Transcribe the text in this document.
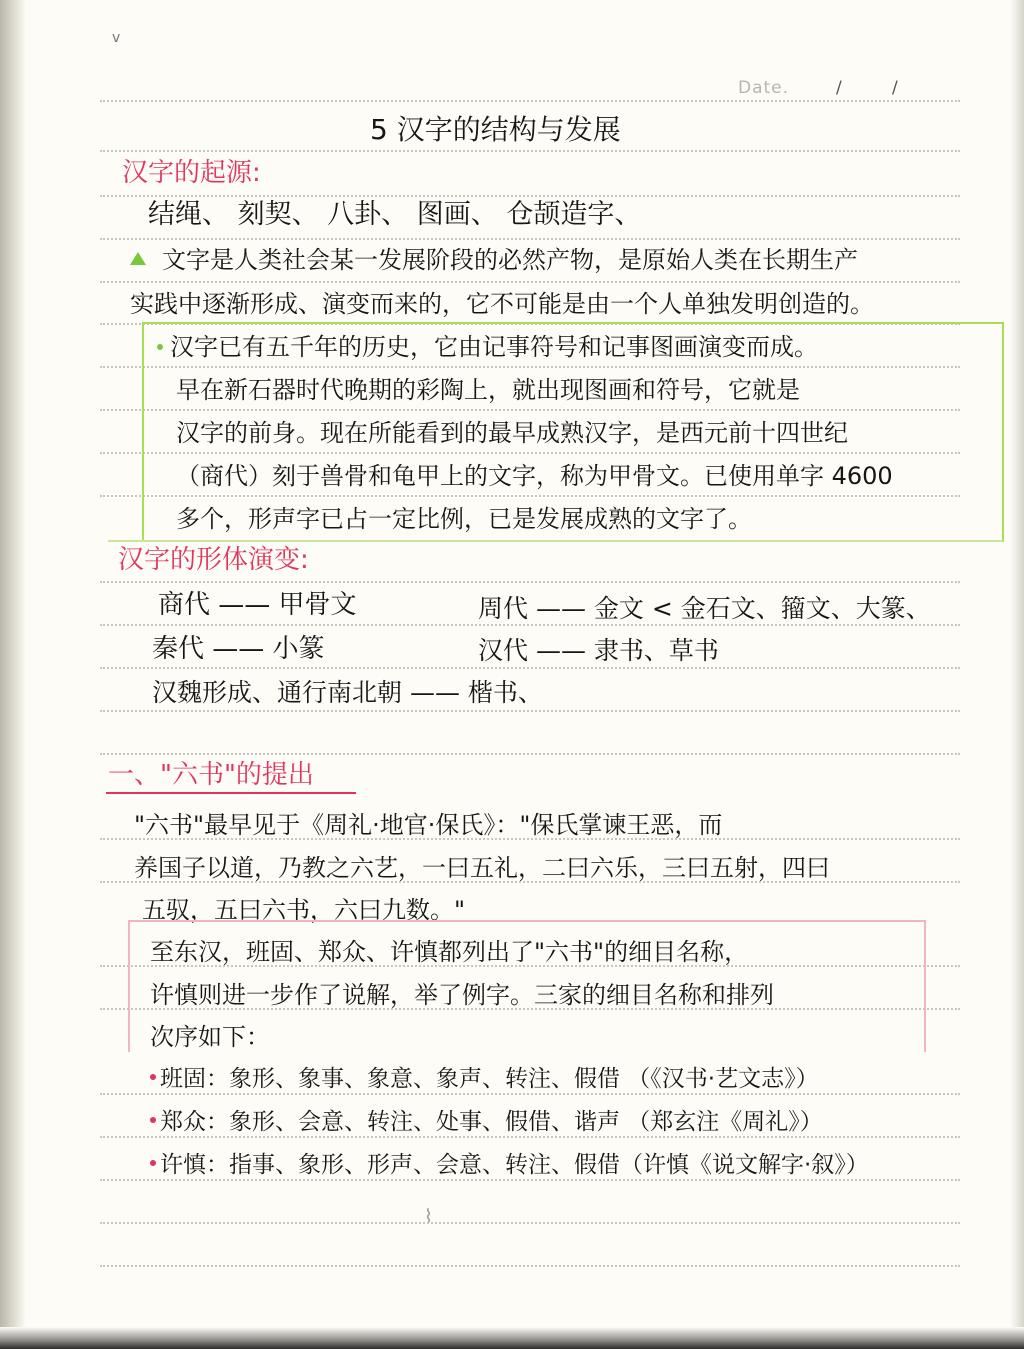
v
Date.	/	/
5 汉字的结构与发展
汉字的起源:
结绳、 刻契、 八卦、 图画、 仓颉造字、
文字是人类社会某一发展阶段的必然产物，是原始人类在长期生产
实践中逐渐形成、演变而来的，它不可能是由一个人单独发明创造的。
汉字已有五千年的历史，它由记事符号和记事图画演变而成。
早在新石器时代晚期的彩陶上，就出现图画和符号，它就是
汉字的前身。现在所能看到的最早成熟汉字，是西元前十四世纪
（商代）刻于兽骨和龟甲上的文字，称为甲骨文。已使用单字 4600
多个，形声字已占一定比例，已是发展成熟的文字了。
汉字的形体演变:
商代 —— 甲骨文	周代 —— 金文 < 金石文、籀文、大篆、
秦代 —— 小篆	汉代 —— 隶书、草书
汉魏形成、通行南北朝 —— 楷书、
一、"六书"的提出
"六书"最早见于《周礼·地官·保氏》："保氏掌谏王恶，而
养国子以道，乃教之六艺，一曰五礼，二曰六乐，三曰五射，四曰
五驭，五曰六书，六曰九数。"
至东汉，班固、郑众、许慎都列出了"六书"的细目名称，
许慎则进一步作了说解，举了例字。三家的细目名称和排列
次序如下：
班固：象形、象事、象意、象声、转注、假借 （《汉书·艺文志》）
郑众：象形、会意、转注、处事、假借、谐声 （郑玄注《周礼》）
许慎：指事、象形、形声、会意、转注、假借（许慎《说文解字·叙》）
⌇
